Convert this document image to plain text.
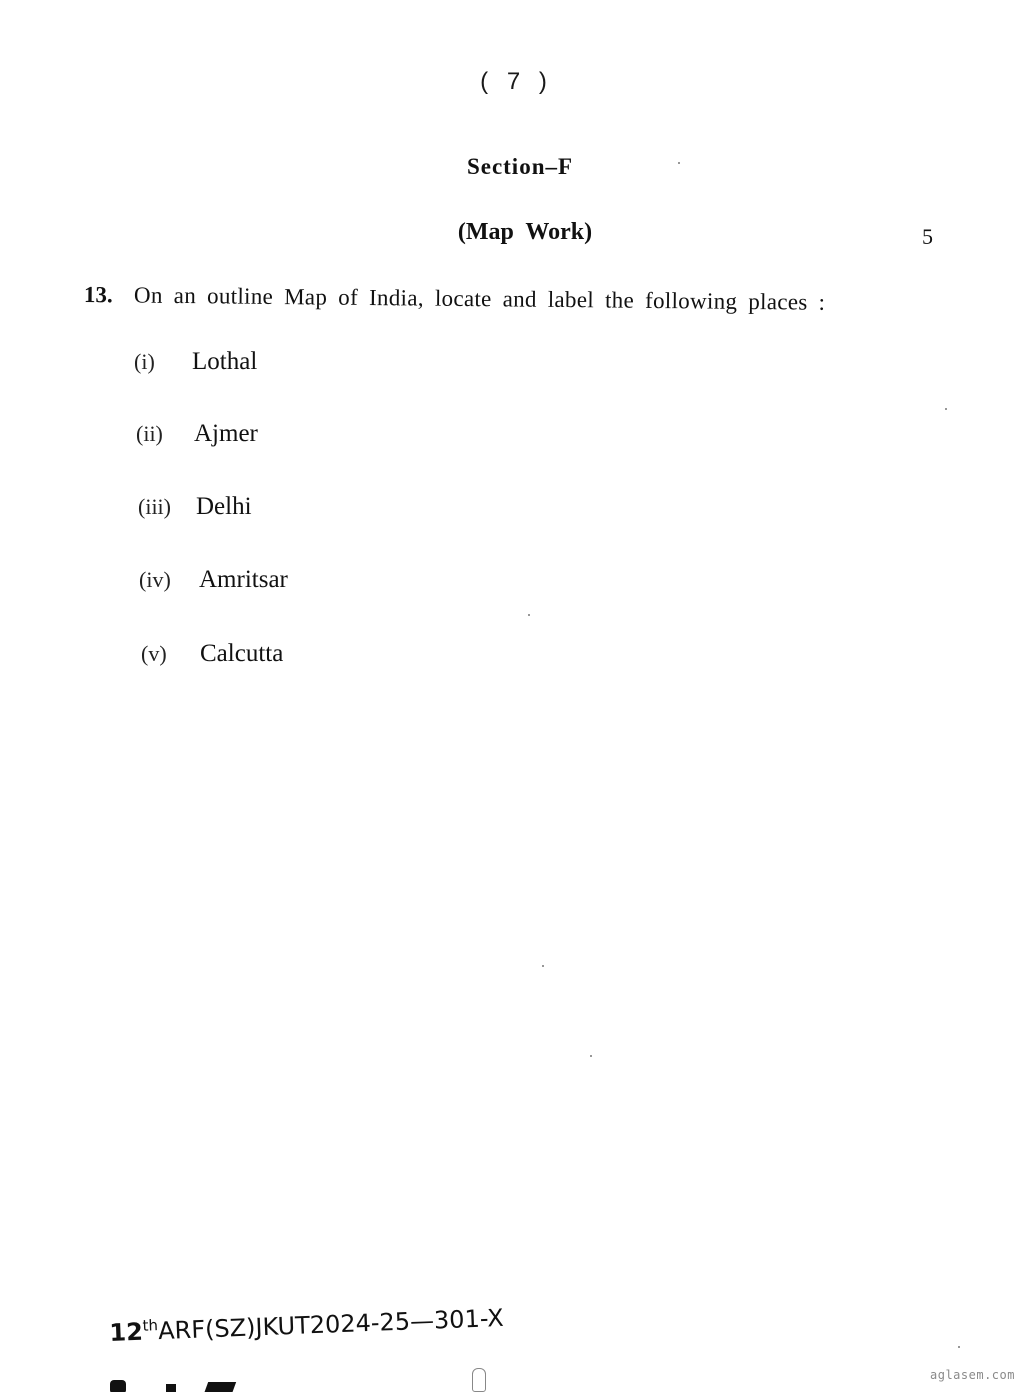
( 7 )
Section–F
(Map Work)	5
13. On an outline Map of India, locate and label the following places :
(i) Lothal
(ii) Ajmer
(iii) Delhi
(iv) Amritsar
(v) Calcutta
12thARF(SZ)JKUT2024-25—301-X
aglasem.com
